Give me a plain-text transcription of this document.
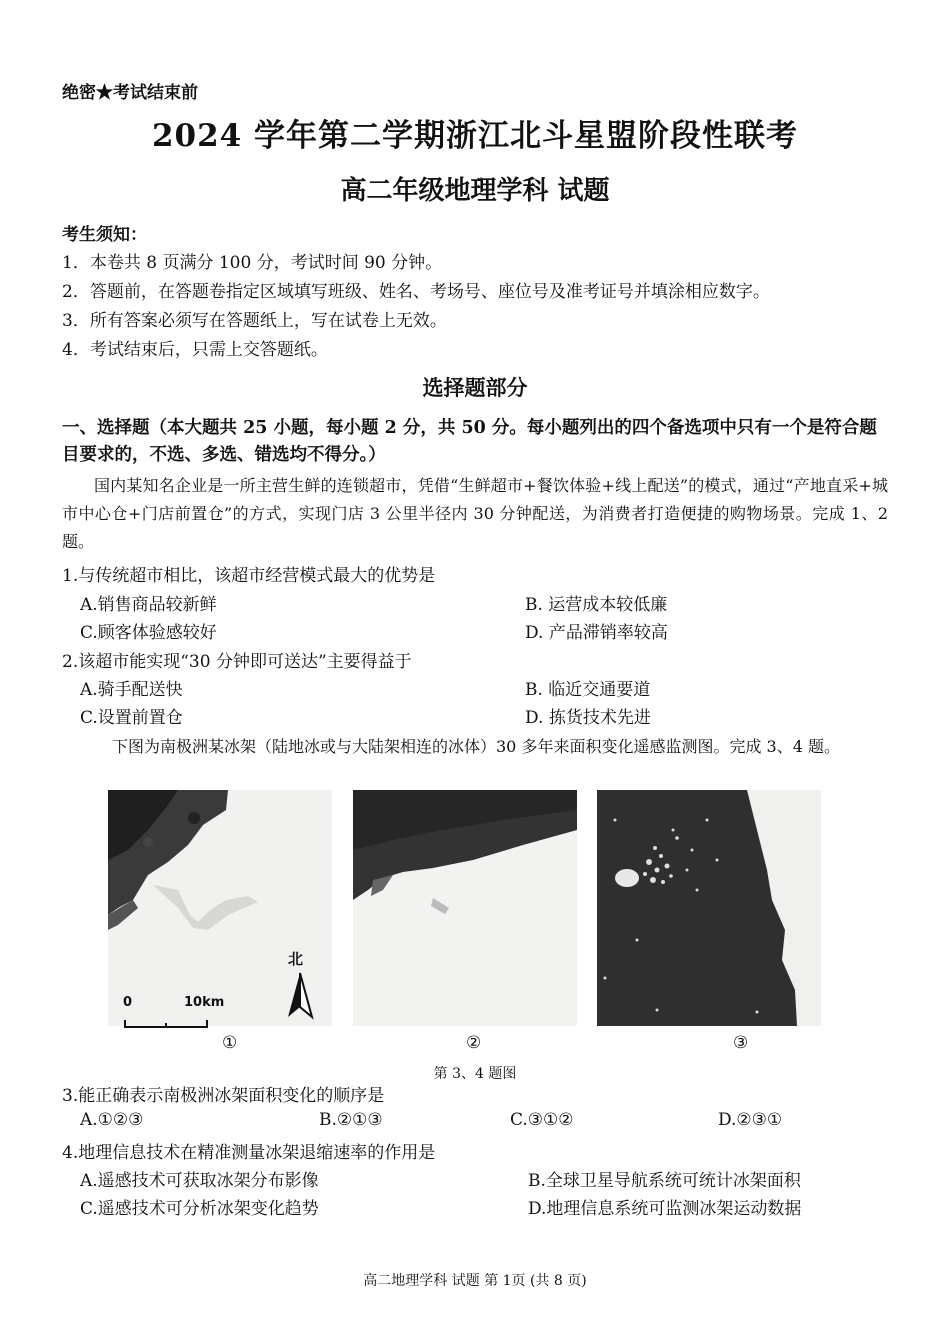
绝密★考试结束前
2024 学年第二学期浙江北斗星盟阶段性联考
高二年级地理学科 试题
考生须知：
1．本卷共 8 页满分 100 分，考试时间 90 分钟。
2．答题前，在答题卷指定区域填写班级、姓名、考场号、座位号及准考证号并填涂相应数字。
3．所有答案必须写在答题纸上，写在试卷上无效。
4．考试结束后，只需上交答题纸。
选择题部分
一、选择题（本大题共 25 小题，每小题 2 分，共 50 分。每小题列出的四个备选项中只有一个是符合题目要求的，不选、多选、错选均不得分。）
国内某知名企业是一所主营生鲜的连锁超市，凭借“生鲜超市+餐饮体验+线上配送”的模式，通过“产地直采+城市中心仓+门店前置仓”的方式，实现门店 3 公里半径内 30 分钟配送，为消费者打造便捷的购物场景。完成 1、2 题。
1.与传统超市相比，该超市经营模式最大的优势是
A.销售商品较新鲜	B. 运营成本较低廉
C.顾客体验感较好	D. 产品滞销率较高
2.该超市能实现“30 分钟即可送达”主要得益于
A.骑手配送快	B. 临近交通要道
C.设置前置仓	D. 拣货技术先进
下图为南极洲某冰架（陆地冰或与大陆架相连的冰体）30 多年来面积变化遥感监测图。完成 3、4 题。
北
0	10km
①	②	③
第 3、4 题图
3.能正确表示南极洲冰架面积变化的顺序是
A.①②③	B.②①③	C.③①②	D.②③①
4.地理信息技术在精准测量冰架退缩速率的作用是
A.遥感技术可获取冰架分布影像	B.全球卫星导航系统可统计冰架面积
C.遥感技术可分析冰架变化趋势	D.地理信息系统可监测冰架运动数据
高二地理学科 试题 第 1页 (共 8 页)
